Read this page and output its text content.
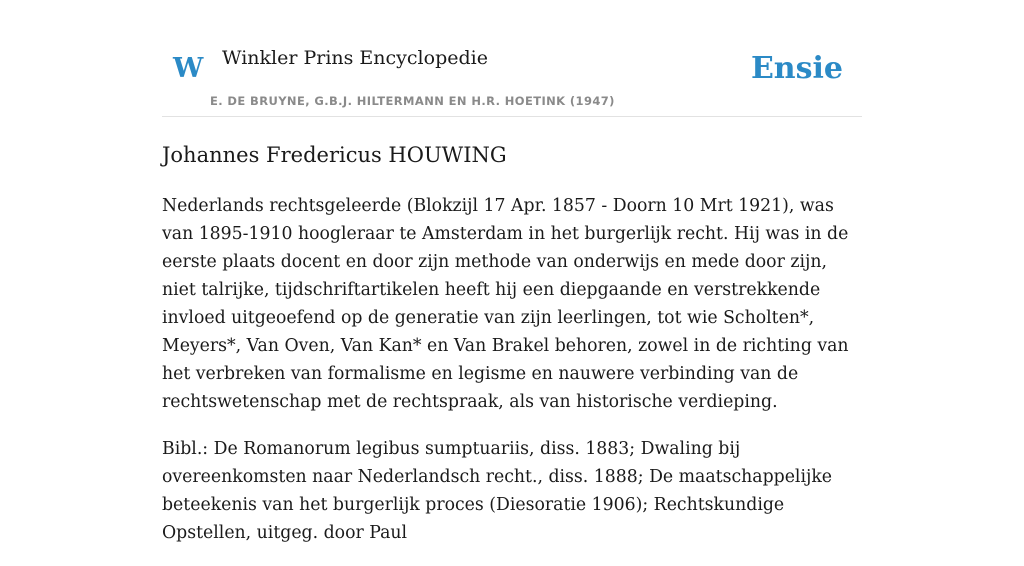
W Winkler Prins Encyclopedie	Ensie
E. DE BRUYNE, G.B.J. HILTERMANN EN H.R. HOETINK (1947)
Johannes Fredericus HOUWING

Nederlands rechtsgeleerde (Blokzijl 17 Apr. 1857 - Doorn 10 Mrt 1921), was van 1895-1910 hoogleraar te Amsterdam in het burgerlijk recht. Hij was in de eerste plaats docent en door zijn methode van onderwijs en mede door zijn, niet talrijke, tijdschriftartikelen heeft hij een diepgaande en verstrekkende invloed uitgeoefend op de generatie van zijn leerlingen, tot wie Scholten*, Meyers*, Van Oven, Van Kan* en Van Brakel behoren, zowel in de richting van het verbreken van formalisme en legisme en nauwere verbinding van de rechtswetenschap met de rechtspraak, als van historische verdieping.

Bibl.: De Romanorum legibus sumptuariis, diss. 1883; Dwaling bij overeenkomsten naar Nederlandsch recht., diss. 1888; De maatschappelijke beteekenis van het burgerlijk proces (Diesoratie 1906); Rechtskundige Opstellen, uitgeg. door Paul
